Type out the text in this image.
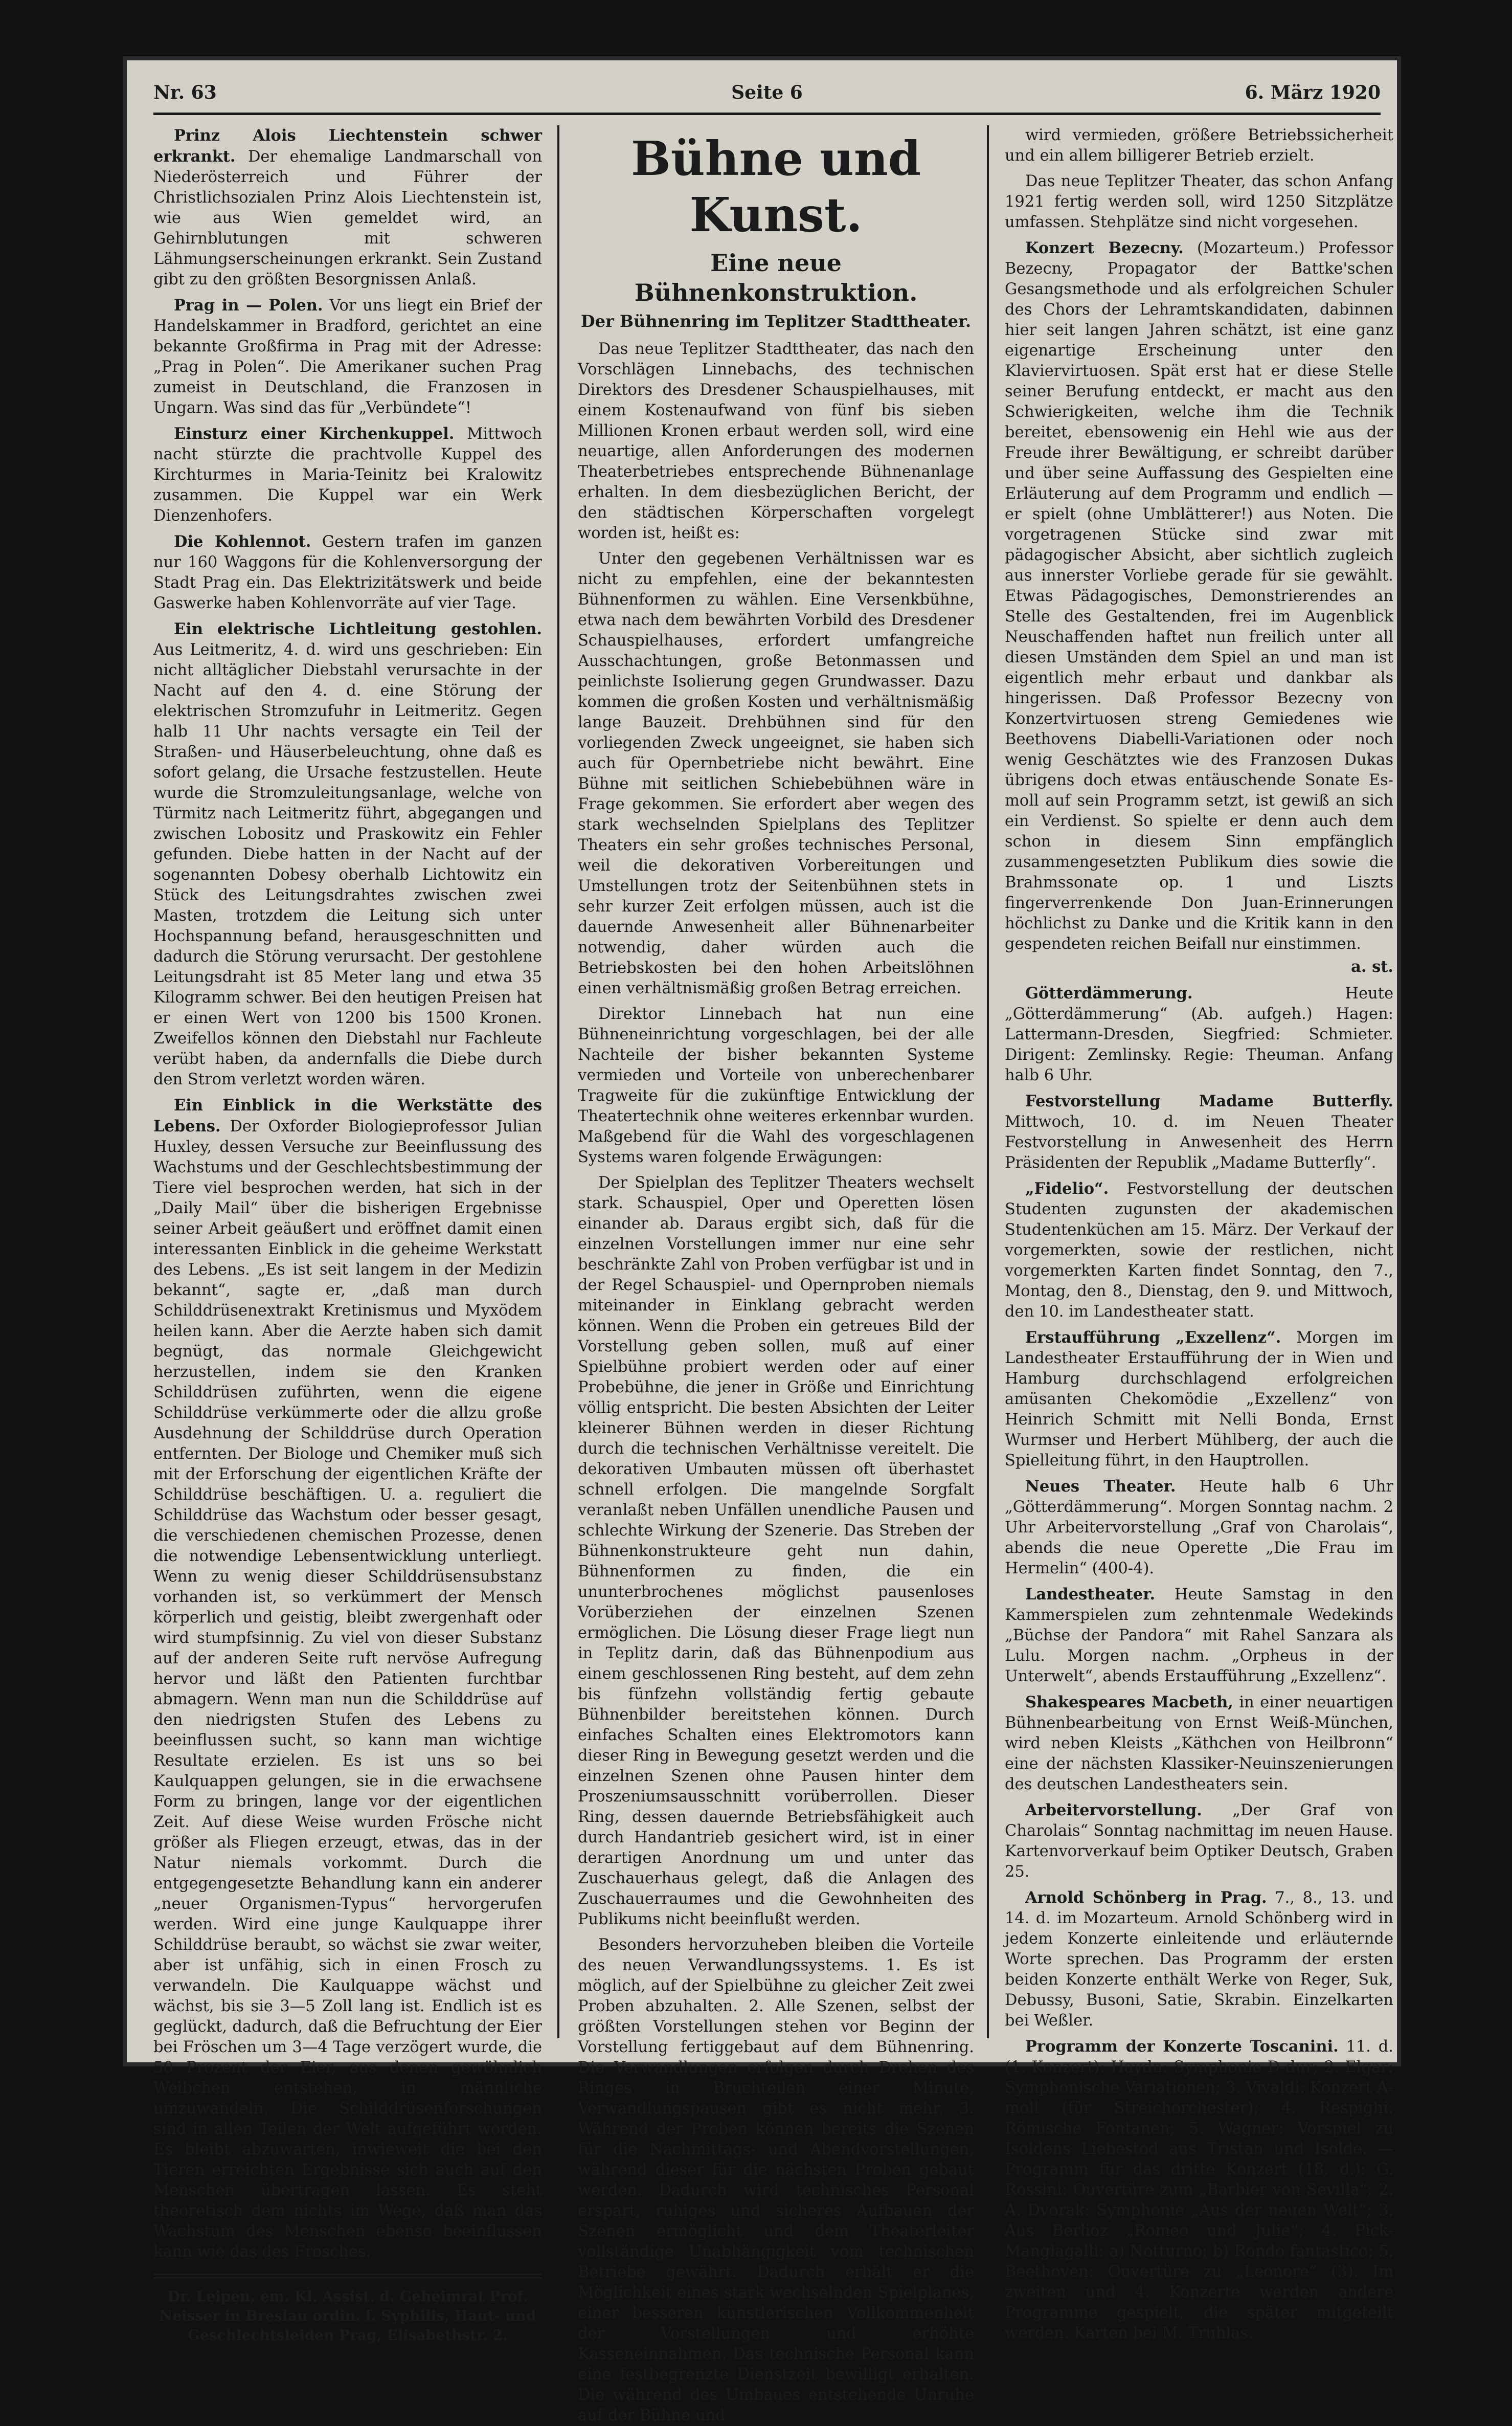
Nr. 63	Seite 6	6. März 1920

Prinz Alois Liechtenstein schwer erkrankt. Der ehemalige Landmarschall von Niederösterreich und Führer der Christlichsozialen Prinz Alois Liechtenstein ist, wie aus Wien gemeldet wird, an Gehirnblutungen mit schweren Lähmungserscheinungen erkrankt. Sein Zustand gibt zu den größten Besorgnissen Anlaß.

Prag in — Polen. Vor uns liegt ein Brief der Handelskammer in Bradford, gerichtet an eine bekannte Großfirma in Prag mit der Adresse: „Prag in Polen“. Die Amerikaner suchen Prag zumeist in Deutschland, die Franzosen in Ungarn. Was sind das für „Verbündete“!

Einsturz einer Kirchenkuppel. Mittwoch nacht stürzte die prachtvolle Kuppel des Kirchturmes in Maria-Teinitz bei Kralowitz zusammen. Die Kuppel war ein Werk Dienzenhofers.

Die Kohlennot. Gestern trafen im ganzen nur 160 Waggons für die Kohlenversorgung der Stadt Prag ein. Das Elektrizitätswerk und beide Gaswerke haben Kohlenvorräte auf vier Tage.

Ein elektrische Lichtleitung gestohlen. Aus Leitmeritz, 4. d. wird uns geschrieben: Ein nicht alltäglicher Diebstahl verursachte in der Nacht auf den 4. d. eine Störung der elektrischen Stromzufuhr in Leitmeritz. Gegen halb 11 Uhr nachts versagte ein Teil der Straßen- und Häuserbeleuchtung, ohne daß es sofort gelang, die Ursache festzustellen. Heute wurde die Stromzuleitungsanlage, welche von Türmitz nach Leitmeritz führt, abgegangen und zwischen Lobositz und Praskowitz ein Fehler gefunden. Diebe hatten in der Nacht auf der sogenannten Dobesy oberhalb Lichtowitz ein Stück des Leitungsdrahtes zwischen zwei Masten, trotzdem die Leitung sich unter Hochspannung befand, herausgeschnitten und dadurch die Störung verursacht. Der gestohlene Leitungsdraht ist 85 Meter lang und etwa 35 Kilogramm schwer. Bei den heutigen Preisen hat er einen Wert von 1200 bis 1500 Kronen. Zweifellos können den Diebstahl nur Fachleute verübt haben, da andernfalls die Diebe durch den Strom verletzt worden wären.

Ein Einblick in die Werkstätte des Lebens. Der Oxforder Biologieprofessor Julian Huxley, dessen Versuche zur Beeinflussung des Wachstums und der Geschlechtsbestimmung der Tiere viel besprochen werden, hat sich in der „Daily Mail“ über die bisherigen Ergebnisse seiner Arbeit geäußert und eröffnet damit einen interessanten Einblick in die geheime Werkstatt des Lebens. „Es ist seit langem in der Medizin bekannt“, sagte er, „daß man durch Schilddrüsenextrakt Kretinismus und Myxödem heilen kann. Aber die Aerzte haben sich damit begnügt, das normale Gleichgewicht herzustellen, indem sie den Kranken Schilddrüsen zuführten, wenn die eigene Schilddrüse verkümmerte oder die allzu große Ausdehnung der Schilddrüse durch Operation entfernten. Der Biologe und Chemiker muß sich mit der Erforschung der eigentlichen Kräfte der Schilddrüse beschäftigen. U. a. reguliert die Schilddrüse das Wachstum oder besser gesagt, die verschiedenen chemischen Prozesse, denen die notwendige Lebensentwicklung unterliegt. Wenn zu wenig dieser Schilddrüsensubstanz vorhanden ist, so verkümmert der Mensch körperlich und geistig, bleibt zwergenhaft oder wird stumpfsinnig. Zu viel von dieser Substanz auf der anderen Seite ruft nervöse Aufregung hervor und läßt den Patienten furchtbar abmagern. Wenn man nun die Schilddrüse auf den niedrigsten Stufen des Lebens zu beeinflussen sucht, so kann man wichtige Resultate erzielen. Es ist uns so bei Kaulquappen gelungen, sie in die erwachsene Form zu bringen, lange vor der eigentlichen Zeit. Auf diese Weise wurden Frösche nicht größer als Fliegen erzeugt, etwas, das in der Natur niemals vorkommt. Durch die entgegengesetzte Behandlung kann ein anderer „neuer Organismen-Typus“ hervorgerufen werden. Wird eine junge Kaulquappe ihrer Schilddrüse beraubt, so wächst sie zwar weiter, aber ist unfähig, sich in einen Frosch zu verwandeln. Die Kaulquappe wächst und wächst, bis sie 3—5 Zoll lang ist. Endlich ist es geglückt, dadurch, daß die Befruchtung der Eier bei Fröschen um 3—4 Tage verzögert wurde, die 50 Prozent der Eier, aus denen gewöhnlich Weibchen entstehen, in männliche umzuwandeln. Die Schilddrüsenforschungen sind in allen Teilen der Welt aufgeführt worden. Es bleibt abzuwarten, inwieweit die bei den Tieren erreichten Ergebnisse sich auch auf den Menschen übertragen lassen. Es steht theoretisch dem nichts im Wege, daß man das Wachstum des Menschen ebenso beeinflussen kann wie das des Frosches.

Dr. Leipen, em. Kl. Assist. d. Geheimrat Prof. Neisser in Breslau ordin. f. Syphilis, Haut- und Geschlechtsleiden Prag, Elisabethstr. 2.
Bühne und Kunst.
Eine neue Bühnenkonstruktion.
Der Bühnenring im Teplitzer Stadttheater.

Das neue Teplitzer Stadttheater, das nach den Vorschlägen Linnebachs, des technischen Direktors des Dresdener Schauspielhauses, mit einem Kostenaufwand von fünf bis sieben Millionen Kronen erbaut werden soll, wird eine neuartige, allen Anforderungen des modernen Theaterbetriebes entsprechende Bühnenanlage erhalten. In dem diesbezüglichen Bericht, der den städtischen Körperschaften vorgelegt worden ist, heißt es:

Unter den gegebenen Verhältnissen war es nicht zu empfehlen, eine der bekanntesten Bühnenformen zu wählen. Eine Versenkbühne, etwa nach dem bewährten Vorbild des Dresdener Schauspielhauses, erfordert umfangreiche Ausschachtungen, große Betonmassen und peinlichste Isolierung gegen Grundwasser. Dazu kommen die großen Kosten und verhältnismäßig lange Bauzeit. Drehbühnen sind für den vorliegenden Zweck ungeeignet, sie haben sich auch für Opernbetriebe nicht bewährt. Eine Bühne mit seitlichen Schiebebühnen wäre in Frage gekommen. Sie erfordert aber wegen des stark wechselnden Spielplans des Teplitzer Theaters ein sehr großes technisches Personal, weil die dekorativen Vorbereitungen und Umstellungen trotz der Seitenbühnen stets in sehr kurzer Zeit erfolgen müssen, auch ist die dauernde Anwesenheit aller Bühnenarbeiter notwendig, daher würden auch die Betriebskosten bei den hohen Arbeitslöhnen einen verhältnismäßig großen Betrag erreichen.

Direktor Linnebach hat nun eine Bühneneinrichtung vorgeschlagen, bei der alle Nachteile der bisher bekannten Systeme vermieden und Vorteile von unberechenbarer Tragweite für die zukünftige Entwicklung der Theatertechnik ohne weiteres erkennbar wurden. Maßgebend für die Wahl des vorgeschlagenen Systems waren folgende Erwägungen:

Der Spielplan des Teplitzer Theaters wechselt stark. Schauspiel, Oper und Operetten lösen einander ab. Daraus ergibt sich, daß für die einzelnen Vorstellungen immer nur eine sehr beschränkte Zahl von Proben verfügbar ist und in der Regel Schauspiel- und Opernproben niemals miteinander in Einklang gebracht werden können. Wenn die Proben ein getreues Bild der Vorstellung geben sollen, muß auf einer Spielbühne probiert werden oder auf einer Probebühne, die jener in Größe und Einrichtung völlig entspricht. Die besten Absichten der Leiter kleinerer Bühnen werden in dieser Richtung durch die technischen Verhältnisse vereitelt. Die dekorativen Umbauten müssen oft überhastet schnell erfolgen. Die mangelnde Sorgfalt veranlaßt neben Unfällen unendliche Pausen und schlechte Wirkung der Szenerie. Das Streben der Bühnenkonstrukteure geht nun dahin, Bühnenformen zu finden, die ein ununterbrochenes möglichst pausenloses Vorüberziehen der einzelnen Szenen ermöglichen. Die Lösung dieser Frage liegt nun in Teplitz darin, daß das Bühnenpodium aus einem geschlossenen Ring besteht, auf dem zehn bis fünfzehn vollständig fertig gebaute Bühnenbilder bereitstehen können. Durch einfaches Schalten eines Elektromotors kann dieser Ring in Bewegung gesetzt werden und die einzelnen Szenen ohne Pausen hinter dem Proszeniumsausschnitt vorüberrollen. Dieser Ring, dessen dauernde Betriebsfähigkeit auch durch Handantrieb gesichert wird, ist in einer derartigen Anordnung um und unter das Zuschauerhaus gelegt, daß die Anlagen des Zuschauerraumes und die Gewohnheiten des Publikums nicht beeinflußt werden.

Besonders hervorzuheben bleiben die Vorteile des neuen Verwandlungssystems. 1. Es ist möglich, auf der Spielbühne zu gleicher Zeit zwei Proben abzuhalten. 2. Alle Szenen, selbst der größten Vorstellungen stehen vor Beginn der Vorstellung fertiggebaut auf dem Bühnenring. Die Verwandlungen erfolgen durch Drehen des Ringes in Bruchteilen einer Minute, Verwandlungspausen gibt es nicht mehr. 3. Während der Proben können bereits die Szenen für die Nachmittags- und Abendvorstellungen, während dieser für die nächsten Proben gebaut werden. Dadurch wird technisches Personal erspart, ruhiges und sicheres Aufbauen der Szenen ermöglicht und dem Theaterleiter vollständige Unabhängigkeit vom technischen Betriebe gewährt. Dadurch erhält er die Möglichkeit eines stark wechselnden Spielplanes, einer besseren künstlerischen Vollkommenheit der Vorstellungen und erhöhte Kasseneinnahmen. Das technische Personal kann eine festbegrenzte Dienstzeit bewilligt erhalten. Die während des Umbaues entstehende Unruhe auf der Bühne und

wird vermieden, größere Betriebssicherheit und ein allem billigerer Betrieb erzielt.

Das neue Teplitzer Theater, das schon Anfang 1921 fertig werden soll, wird 1250 Sitzplätze umfassen. Stehplätze sind nicht vorgesehen.

Konzert Bezecny. (Mozarteum.) Professor Bezecny, Propagator der Battke'schen Gesangsmethode und als erfolgreichen Schuler des Chors der Lehramtskandidaten, dabinnen hier seit langen Jahren schätzt, ist eine ganz eigenartige Erscheinung unter den Klaviervirtuosen. Spät erst hat er diese Stelle seiner Berufung entdeckt, er macht aus den Schwierigkeiten, welche ihm die Technik bereitet, ebensowenig ein Hehl wie aus der Freude ihrer Bewältigung, er schreibt darüber und über seine Auffassung des Gespielten eine Erläuterung auf dem Programm und endlich — er spielt (ohne Umblätterer!) aus Noten. Die vorgetragenen Stücke sind zwar mit pädagogischer Absicht, aber sichtlich zugleich aus innerster Vorliebe gerade für sie gewählt. Etwas Pädagogisches, Demonstrierendes an Stelle des Gestaltenden, frei im Augenblick Neuschaffenden haftet nun freilich unter all diesen Umständen dem Spiel an und man ist eigentlich mehr erbaut und dankbar als hingerissen. Daß Professor Bezecny von Konzertvirtuosen streng Gemiedenes wie Beethovens Diabelli-Variationen oder noch wenig Geschätztes wie des Franzosen Dukas übrigens doch etwas entäuschende Sonate Es-moll auf sein Programm setzt, ist gewiß an sich ein Verdienst. So spielte er denn auch dem schon in diesem Sinn empfänglich zusammengesetzten Publikum dies sowie die Brahmssonate op. 1 und Liszts fingerverrenkende Don Juan-Erinnerungen höchlichst zu Danke und die Kritik kann in den gespendeten reichen Beifall nur einstimmen.

a. st.

Götterdämmerung.	Heute „Götterdämmerung“ (Ab. aufgeh.) Hagen: Lattermann-Dresden, Siegfried: Schmieter. Dirigent: Zemlinsky. Regie: Theuman. Anfang halb 6 Uhr.

Festvorstellung Madame Butterfly. Mittwoch, 10. d. im Neuen Theater Festvorstellung in Anwesenheit des Herrn Präsidenten der Republik „Madame Butterfly“.

„Fidelio“. Festvorstellung der deutschen Studenten zugunsten der akademischen Studentenküchen am 15. März. Der Verkauf der vorgemerkten, sowie der restlichen, nicht vorgemerkten Karten findet Sonntag, den 7., Montag, den 8., Dienstag, den 9. und Mittwoch, den 10. im Landestheater statt.

Erstaufführung „Exzellenz“. Morgen im Landestheater Erstaufführung der in Wien und Hamburg durchschlagend erfolgreichen amüsanten Chekomödie „Exzellenz“ von Heinrich Schmitt mit Nelli Bonda, Ernst Wurmser und Herbert Mühlberg, der auch die Spielleitung führt, in den Hauptrollen.

Neues Theater. Heute halb 6 Uhr „Götterdämmerung“. Morgen Sonntag nachm. 2 Uhr Arbeitervorstellung „Graf von Charolais“, abends die neue Operette „Die Frau im Hermelin“ (400-4).

Landestheater. Heute Samstag in den Kammerspielen zum zehntenmale Wedekinds „Büchse der Pandora“ mit Rahel Sanzara als Lulu. Morgen nachm. „Orpheus in der Unterwelt“, abends Erstaufführung „Exzellenz“.

Shakespeares Macbeth, in einer neuartigen Bühnenbearbeitung von Ernst Weiß-München, wird neben Kleists „Käthchen von Heilbronn“ eine der nächsten Klassiker-Neuinszenierungen des deutschen Landestheaters sein.

Arbeitervorstellung. „Der Graf von Charolais“ Sonntag nachmittag im neuen Hause. Kartenvorverkauf beim Optiker Deutsch, Graben 25.

Arnold Schönberg in Prag. 7., 8., 13. und 14. d. im Mozarteum. Arnold Schönberg wird in jedem Konzerte einleitende und erläuternde Worte sprechen. Das Programm der ersten beiden Konzerte enthält Werke von Reger, Suk, Debussy, Busoni, Satie, Skrabin. Einzelkarten bei Weßler.

Programm der Konzerte Toscanini. 11. d. (1. Konzert): Haydn: Symphonie D-dur; 2. Elgar: Symphonische Variationen; 3. Vivaldi: Konzert A-moll (für Streichorchester); 4. Respighi: Römische Fontanen; 5. Wagner: Vorspiel zu Isoldens Liebestod aus Tristan und Isolde. — Programm für das dritte Konzert (18. d.): G. Rossini: Ouvertüre zum „Barbier von Sevilla“; 2. A. Dvorak: Symphonie „Aus der neuen Welt“; 3. Aus Berlioz „Romeo und Julie“; 4. Pick-Mangiagalli: a) Notturno; b) Rondo fantastico; 5. Beethoven: Ouvertüre zu „Leonore“ (3). Im zweiten und 4. Konzerte werden andere Programme gespielt, die später mitgeteilt werden. Karten bei M. Truhlas.
